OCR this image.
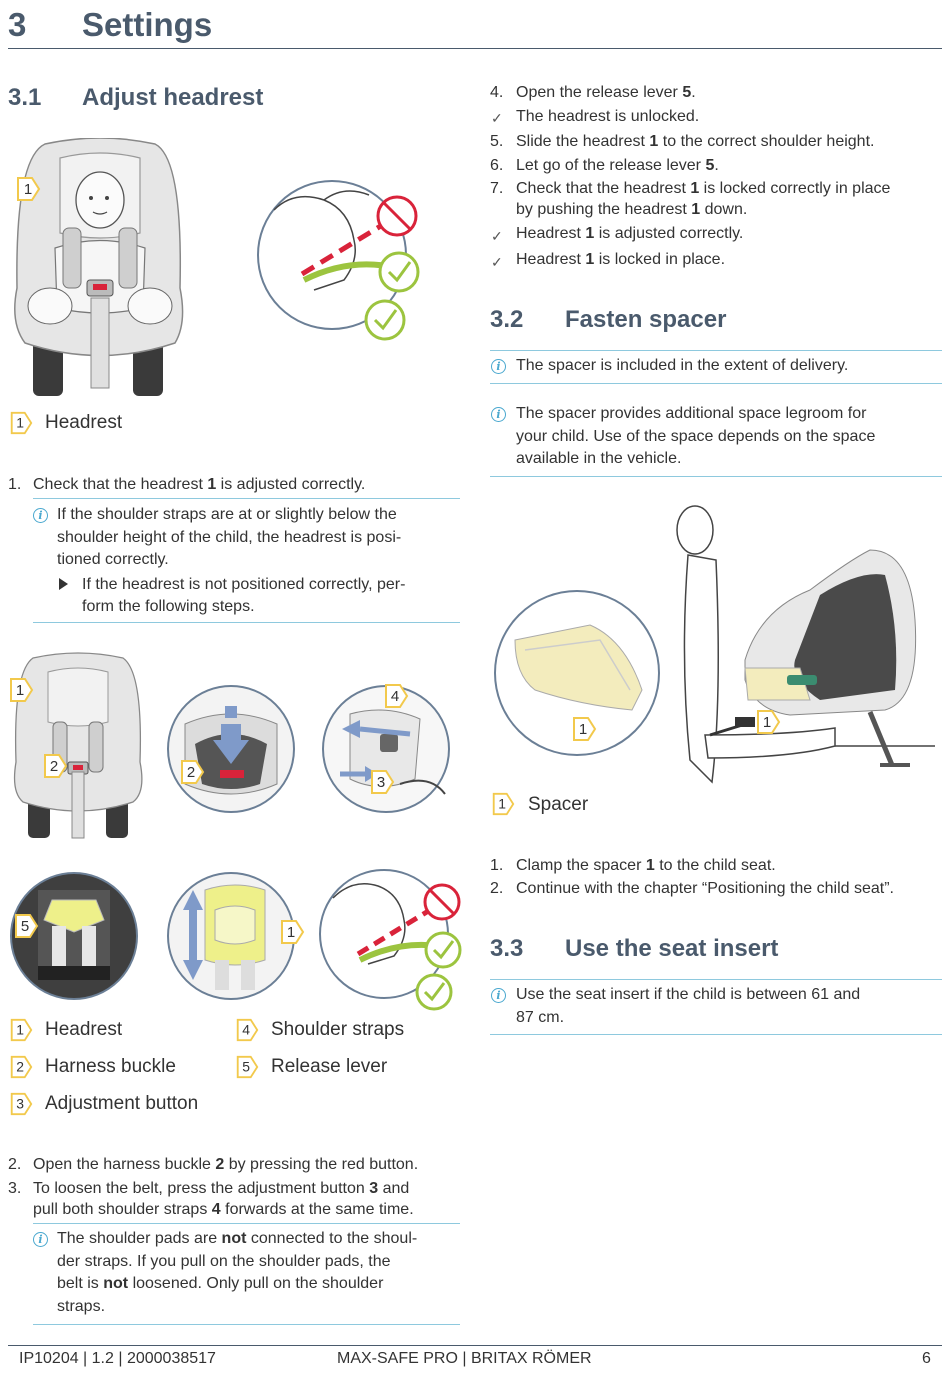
3 Settings
3.1 Adjust headrest
1
1 Headrest
1. Check that the headrest 1 is adjusted correctly.
i If the shoulder straps are at or slightly below the
shoulder height of the child, the headrest is posi-
tioned correctly.
If the headrest is not positioned correctly, per-
form the following steps.
1
2	2
4
3
5	1
1 Headrest
2 Harness buckle
3 Adjustment button
4 Shoulder straps
5 Release lever
2. Open the harness buckle 2 by pressing the red button.
3. To loosen the belt, press the adjustment button 3 and
pull both shoulder straps 4 forwards at the same time.
i The shoulder pads are not connected to the shoul-
der straps. If you pull on the shoulder pads, the
belt is not loosened. Only pull on the shoulder
straps.
4. Open the release lever 5.
✓ The headrest is unlocked.
5. Slide the headrest 1 to the correct shoulder height.
6. Let go of the release lever 5.
7. Check that the headrest 1 is locked correctly in place
by pushing the headrest 1 down.
✓ Headrest 1 is adjusted correctly.
✓ Headrest 1 is locked in place.
3.2 Fasten spacer
i The spacer is included in the extent of delivery.
i The spacer provides additional space legroom for
your child. Use of the space depends on the space
available in the vehicle.
1	1
1 Spacer
1. Clamp the spacer 1 to the child seat.
2. Continue with the chapter “Positioning the child seat”.
3.3 Use the seat insert
i Use the seat insert if the child is between 61 and
87 cm.
IP10204 | 1.2 | 2000038517	MAX-SAFE PRO | BRITAX RÖMER	6
